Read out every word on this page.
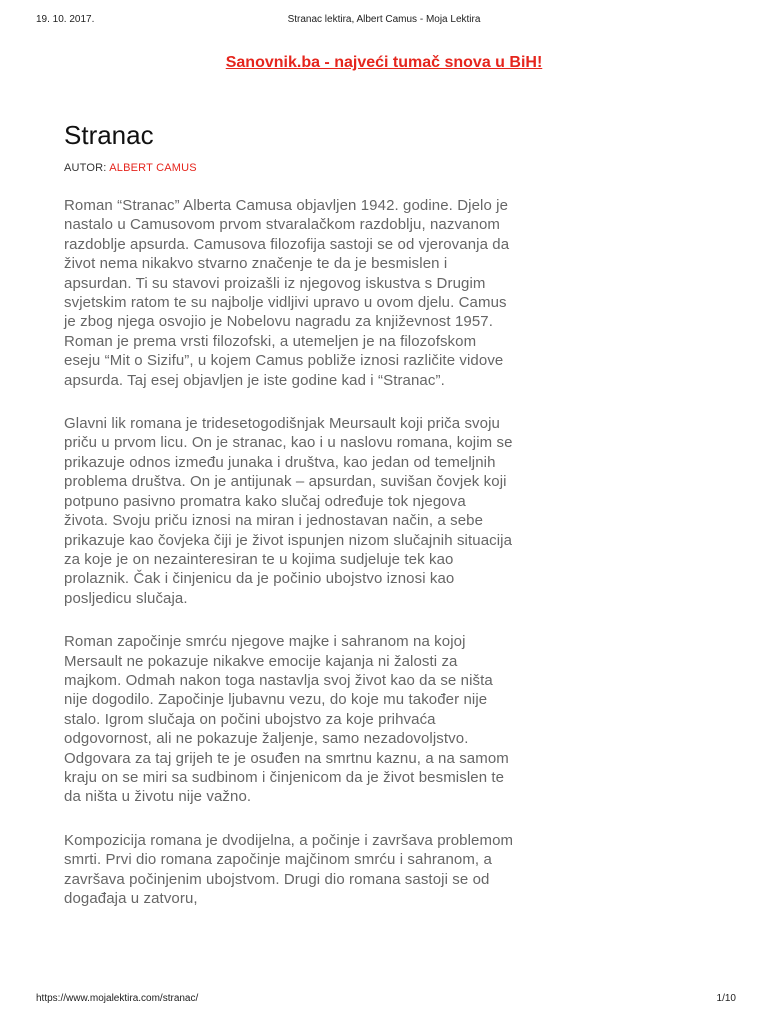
19. 10. 2017.	Stranac lektira, Albert Camus - Moja Lektira
Sanovnik.ba - najveći tumač snova u BiH!
Stranac
AUTOR: ALBERT CAMUS

Roman “Stranac” Alberta Camusa objavljen 1942. godine. Djelo je nastalo u Camusovom prvom stvaralačkom razdoblju, nazvanom razdoblje apsurda. Camusova filozofija sastoji se od vjerovanja da život nema nikakvo stvarno značenje te da je besmislen i apsurdan. Ti su stavovi proizašli iz njegovog iskustva s Drugim svjetskim ratom te su najbolje vidljivi upravo u ovom djelu. Camus je zbog njega osvojio je Nobelovu nagradu za književnost 1957. Roman je prema vrsti filozofski, a utemeljen je na filozofskom eseju “Mit o Sizifu”, u kojem Camus pobliže iznosi različite vidove apsurda. Taj esej objavljen je iste godine kad i “Stranac”.

Glavni lik romana je tridesetogodišnjak Meursault koji priča svoju priču u prvom licu. On je stranac, kao i u naslovu romana, kojim se prikazuje odnos između junaka i društva, kao jedan od temeljnih problema društva. On je antijunak – apsurdan, suvišan čovjek koji potpuno pasivno promatra kako slučaj određuje tok njegova života. Svoju priču iznosi na miran i jednostavan način, a sebe prikazuje kao čovjeka čiji je život ispunjen nizom slučajnih situacija za koje je on nezainteresiran te u kojima sudjeluje tek kao prolaznik. Čak i činjenicu da je počinio ubojstvo iznosi kao posljedicu slučaja.

Roman započinje smrću njegove majke i sahranom na kojoj Mersault ne pokazuje nikakve emocije kajanja ni žalosti za majkom. Odmah nakon toga nastavlja svoj život kao da se ništa nije dogodilo. Započinje ljubavnu vezu, do koje mu također nije stalo. Igrom slučaja on počini ubojstvo za koje prihvaća odgovornost, ali ne pokazuje žaljenje, samo nezadovoljstvo. Odgovara za taj grijeh te je osuđen na smrtnu kaznu, a na samom kraju on se miri sa sudbinom i činjenicom da je život besmislen te da ništa u životu nije važno.

Kompozicija romana je dvodijelna, a počinje i završava problemom smrti. Prvi dio romana započinje majčinom smrću i sahranom, a završava počinjenim ubojstvom. Drugi dio romana sastoji se od događaja u zatvoru,

https://www.mojalektira.com/stranac/	1/10
